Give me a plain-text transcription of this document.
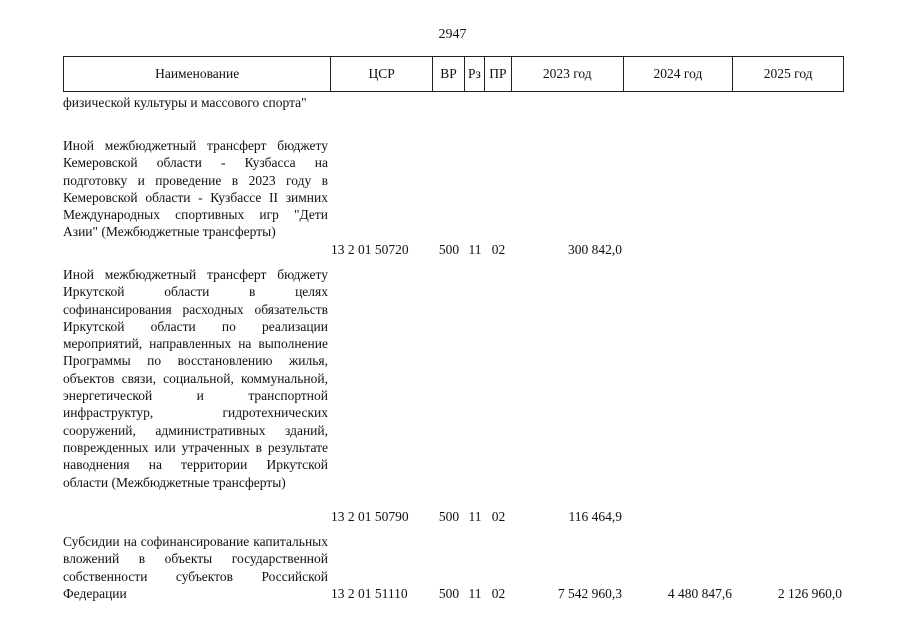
2947
Наименование	ЦСР	ВР Рз ПР	2023 год	2024 год	2025 год
физической культуры и массового спорта"
Иной межбюджетный трансферт бюджету Кемеровской области - Кузбасса на подготовку и проведение в 2023 году в Кемеровской области - Кузбассе II зимних Международных спортивных игр "Дети Азии" (Межбюджетные трансферты)
13 2 01 50720	500 11 02	300 842,0
Иной межбюджетный трансферт бюджету Иркутской области в целях софинансирования расходных обязательств Иркутской области по реализации мероприятий, направленных на выполнение Программы по восстановлению жилья, объектов связи, социальной, коммунальной, энергетической и транспортной инфраструктур, гидротехнических сооружений, административных зданий, поврежденных или утраченных в результате наводнения на территории Иркутской области (Межбюджетные трансферты)
13 2 01 50790	500 11 02	116 464,9
Субсидии на софинансирование капитальных вложений в объекты государственной собственности субъектов Российской Федерации	13 2 01 51110	500 11 02	7 542 960,3	4 480 847,6	2 126 960,0
